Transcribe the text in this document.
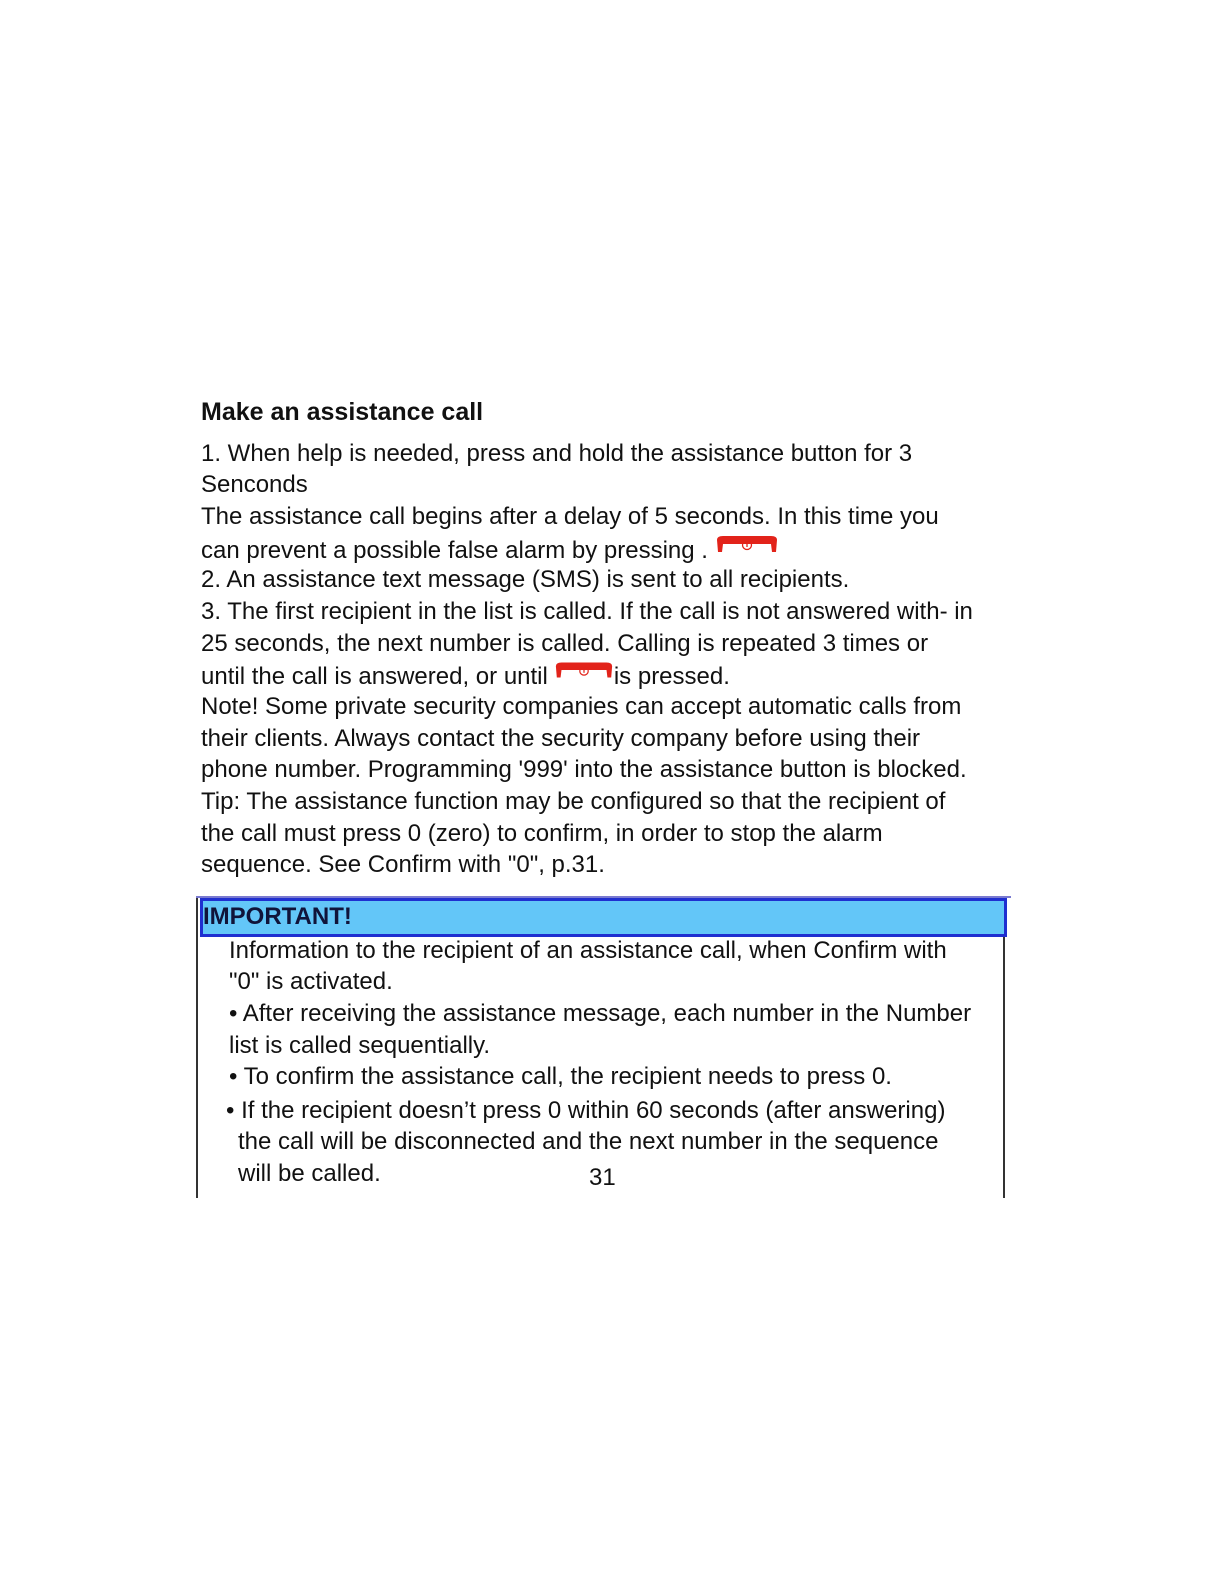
Make an assistance call
1. When help is needed, press and hold the assistance button for 3
Senconds
The assistance call begins after a delay of 5 seconds. In this time you
can prevent a possible false alarm by pressing .
2. An assistance text message (SMS) is sent to all recipients.
3. The first recipient in the list is called. If the call is not answered with- in
25 seconds, the next number is called. Calling is repeated 3 times or
until the call is answered, or until	is pressed.
Note! Some private security companies can accept automatic calls from
their clients. Always contact the security company before using their
phone number. Programming '999' into the assistance button is blocked.
Tip: The assistance function may be configured so that the recipient of
the call must press 0 (zero) to confirm, in order to stop the alarm
sequence. See Confirm with "0", p.31.
IMPORTANT!
Information to the recipient of an assistance call, when Confirm with
"0" is activated.
• After receiving the assistance message, each number in the Number
list is called sequentially.
• To confirm the assistance call, the recipient needs to press 0.
• If the recipient doesn’t press 0 within 60 seconds (after answering)
the call will be disconnected and the next number in the sequence
will be called.	31
